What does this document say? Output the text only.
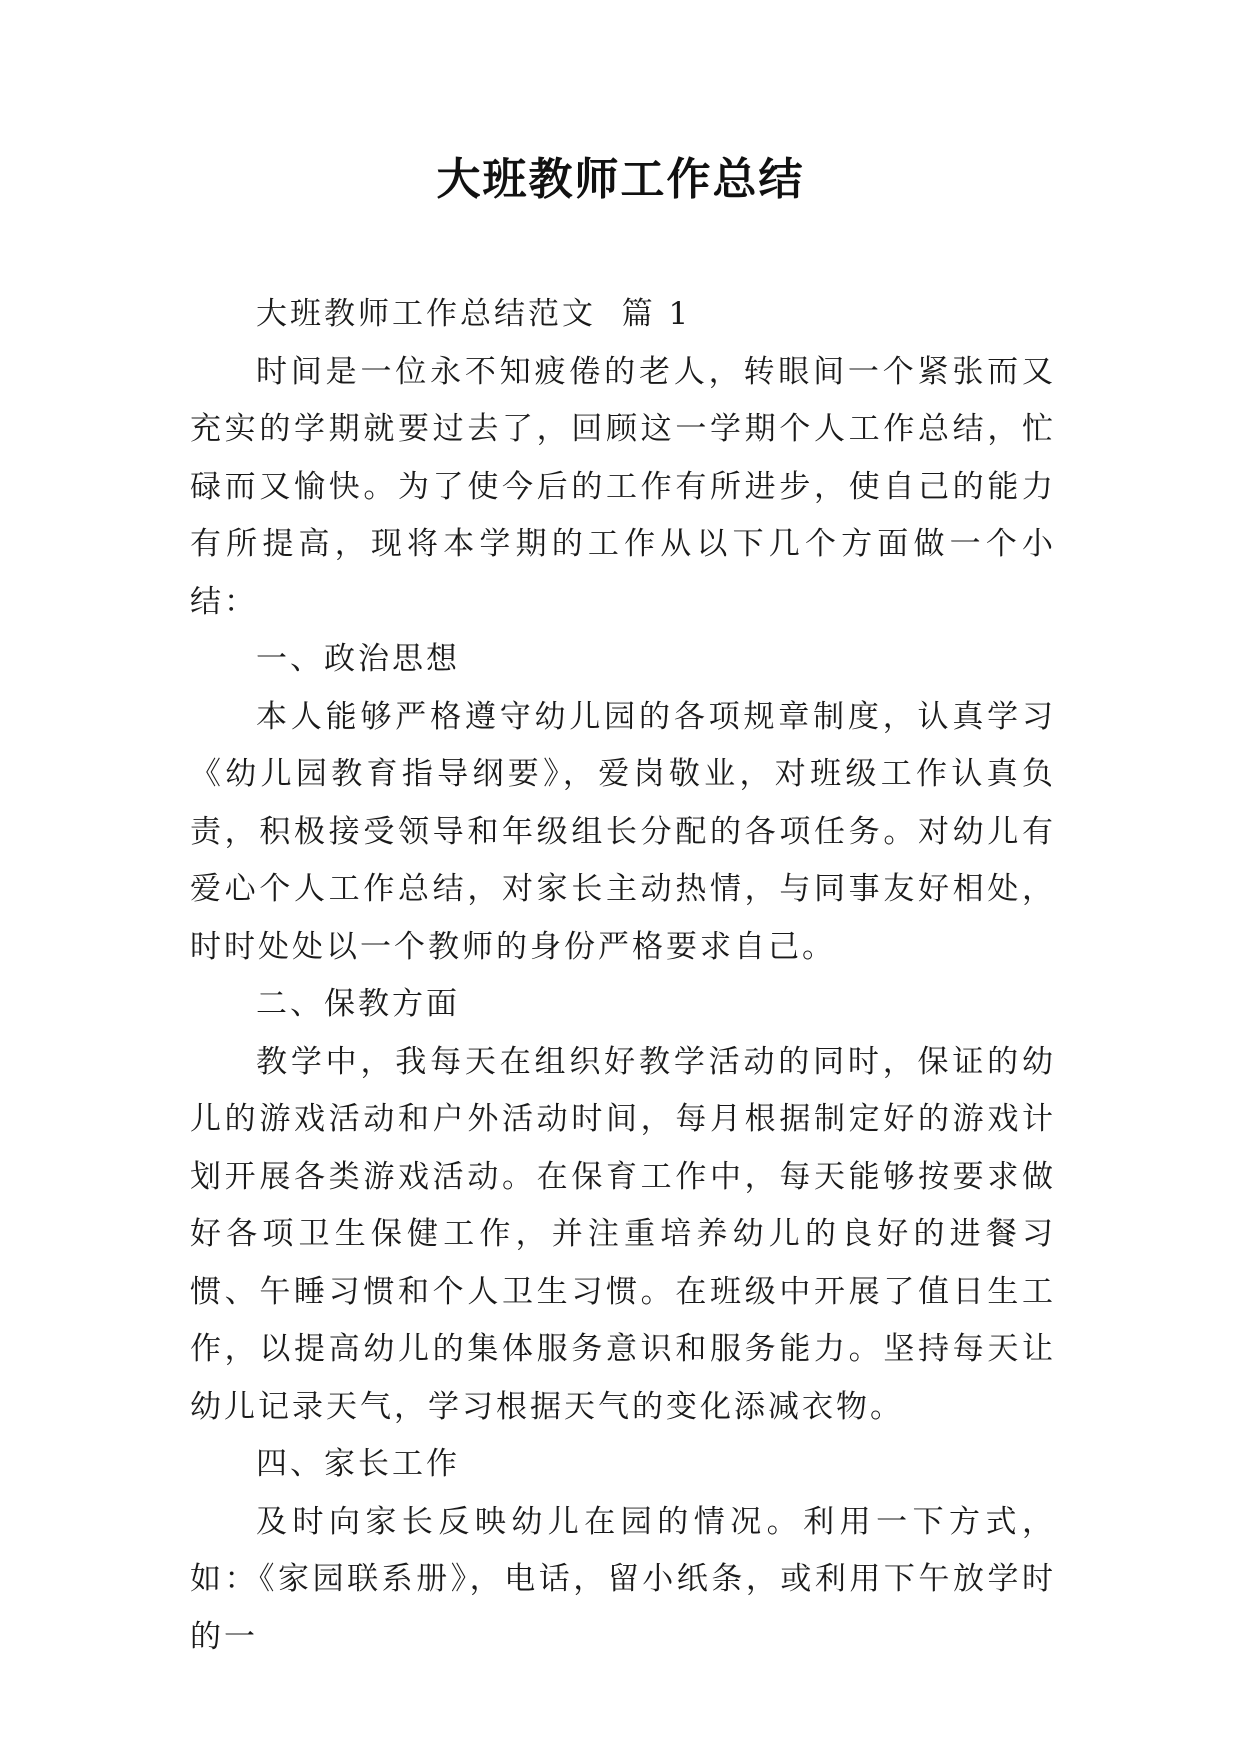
大班教师工作总结

大班教师工作总结范文  篇 1

时间是一位永不知疲倦的老人，转眼间一个紧张而又充实的学期就要过去了，回顾这一学期个人工作总结，忙碌而又愉快。为了使今后的工作有所进步，使自己的能力有所提高，现将本学期的工作从以下几个方面做一个小结：

一、政治思想

本人能够严格遵守幼儿园的各项规章制度，认真学习《幼儿园教育指导纲要》，爱岗敬业，对班级工作认真负责，积极接受领导和年级组长分配的各项任务。对幼儿有爱心个人工作总结，对家长主动热情，与同事友好相处，时时处处以一个教师的身份严格要求自己。

二、保教方面

教学中，我每天在组织好教学活动的同时，保证的幼儿的游戏活动和户外活动时间，每月根据制定好的游戏计划开展各类游戏活动。在保育工作中，每天能够按要求做好各项卫生保健工作，并注重培养幼儿的良好的进餐习惯、午睡习惯和个人卫生习惯。在班级中开展了值日生工作，以提高幼儿的集体服务意识和服务能力。坚持每天让幼儿记录天气，学习根据天气的变化添减衣物。

四、家长工作

及时向家长反映幼儿在园的情况。利用一下方式，如：《家园联系册》，电话，留小纸条，或利用下午放学时的一
